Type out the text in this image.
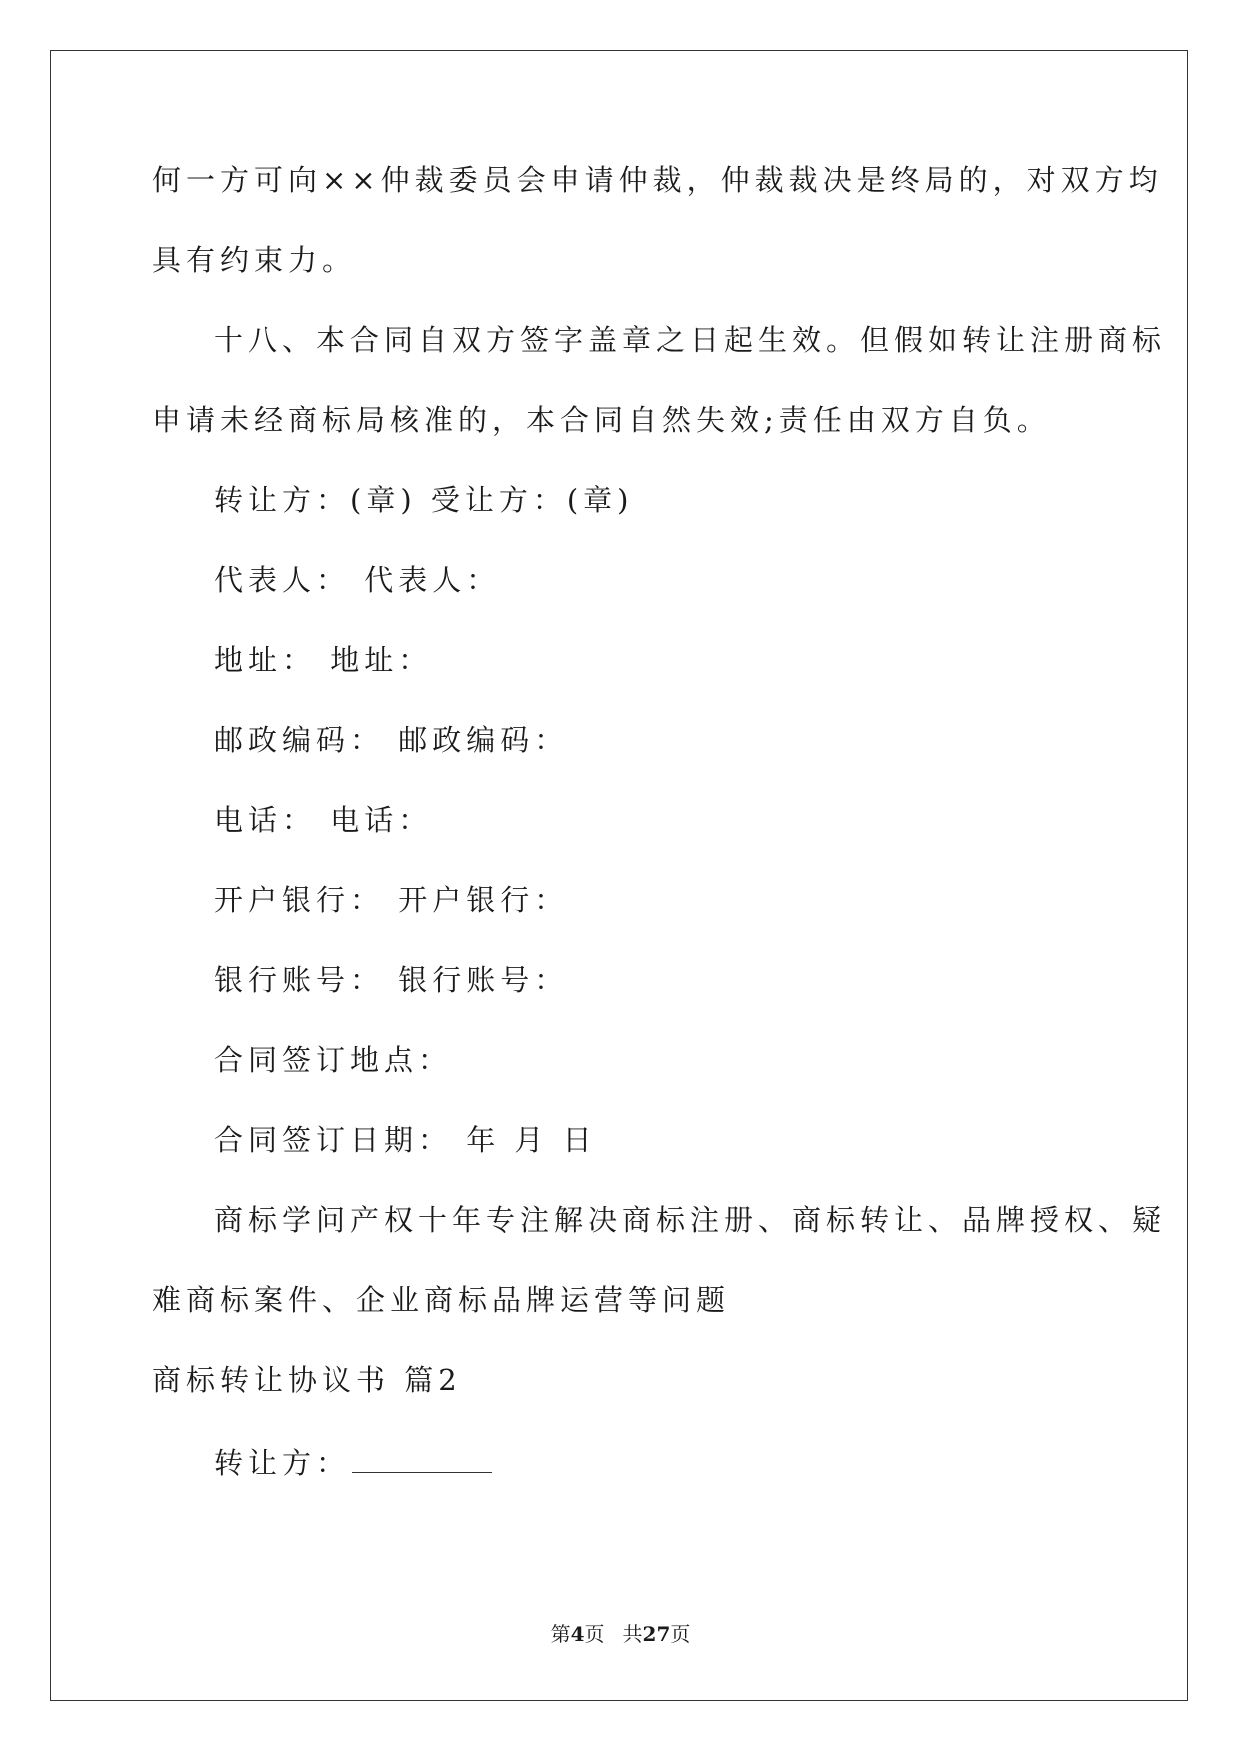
何一方可向××仲裁委员会申请仲裁，仲裁裁决是终局的，对双方均
具有约束力。
十八、本合同自双方签字盖章之日起生效。但假如转让注册商标
申请未经商标局核准的，本合同自然失效;责任由双方自负。
转让方：(章) 受让方：(章)
代表人： 代表人：
地址： 地址：
邮政编码： 邮政编码：
电话： 电话：
开户银行： 开户银行：
银行账号： 银行账号：
合同签订地点：
合同签订日期： 年 月 日
商标学问产权十年专注解决商标注册、商标转让、品牌授权、疑
难商标案件、企业商标品牌运营等问题
商标转让协议书 篇2
转让方：
第4页 共27页
